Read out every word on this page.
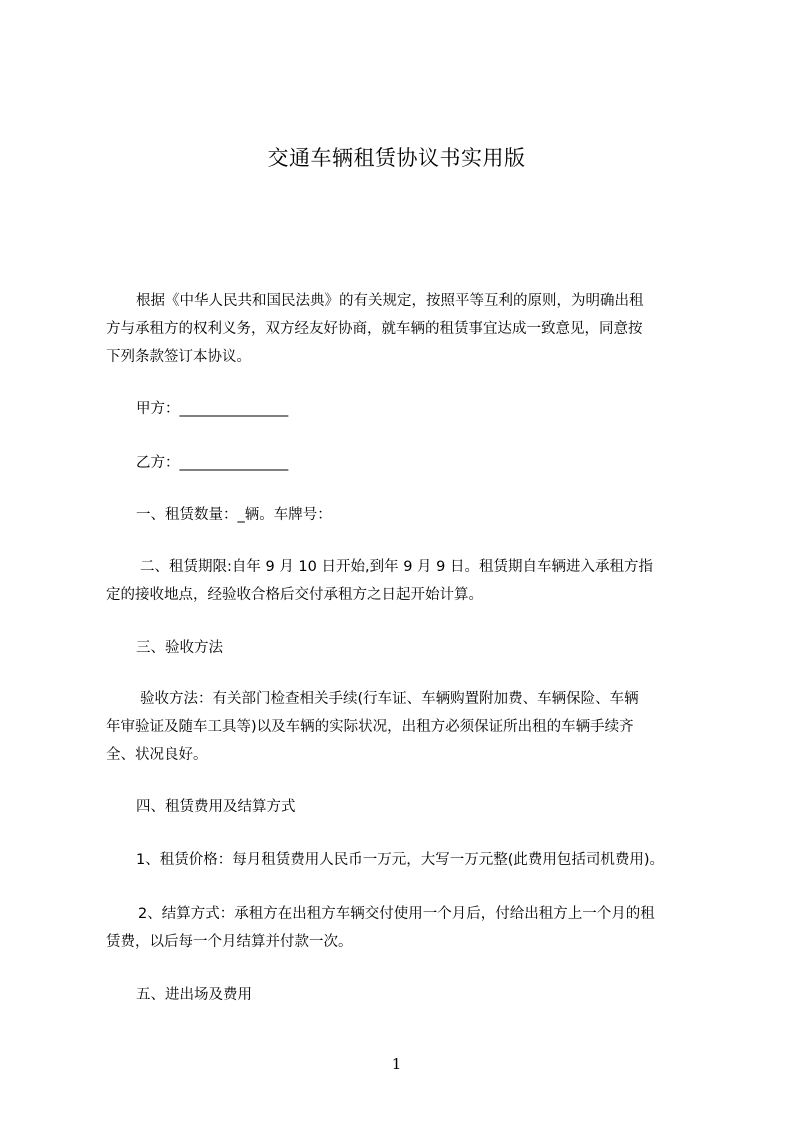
交通车辆租赁协议书实用版
根据《中华人民共和国民法典》的有关规定，按照平等互利的原则，为明确出租
方与承租方的权利义务，双方经友好协商，就车辆的租赁事宜达成一致意见，同意按
下列条款签订本协议。
甲方：_______________
乙方：_______________
一、租赁数量：_辆。车牌号：
二、租赁期限:自年 9 月 10 日开始,到年 9 月 9 日。租赁期自车辆进入承租方指
定的接收地点，经验收合格后交付承租方之日起开始计算。
三、验收方法
验收方法：有关部门检查相关手续(行车证、车辆购置附加费、车辆保险、车辆
年审验证及随车工具等)以及车辆的实际状况，出租方必须保证所出租的车辆手续齐
全、状况良好。
四、租赁费用及结算方式
1、租赁价格：每月租赁费用人民币一万元，大写一万元整(此费用包括司机费用)。
2、结算方式：承租方在出租方车辆交付使用一个月后，付给出租方上一个月的租
赁费，以后每一个月结算并付款一次。
五、进出场及费用
1
